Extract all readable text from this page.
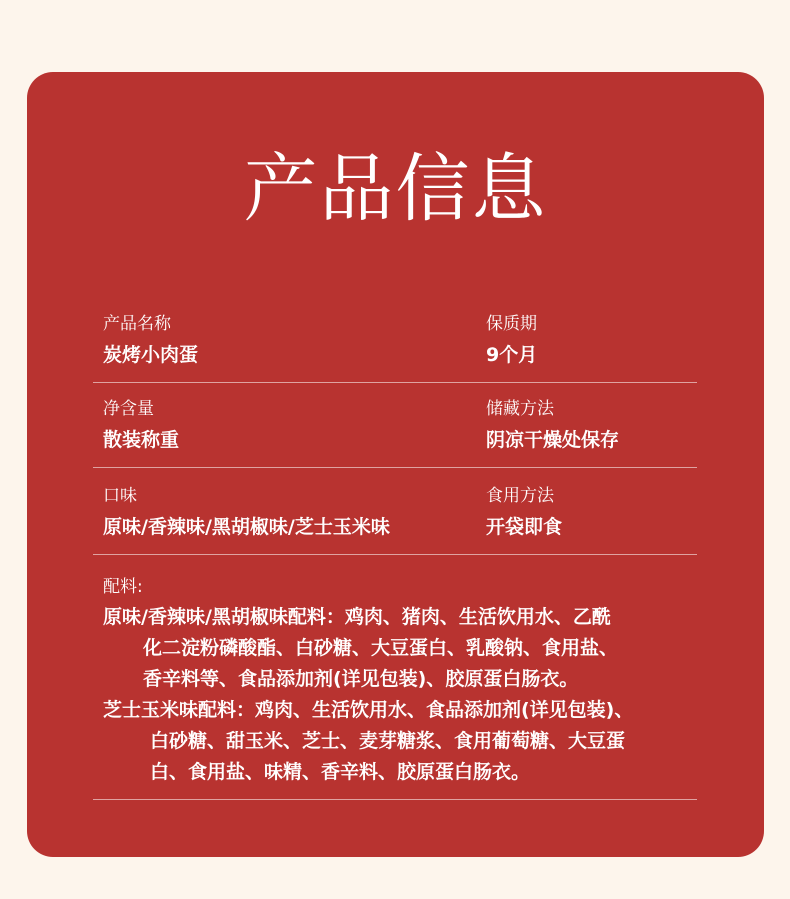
产品信息
产品名称
炭烤小肉蛋
保质期
9个月
净含量
散装称重
储藏方法
阴凉干燥处保存
口味
原味/香辣味/黑胡椒味/芝士玉米味
食用方法
开袋即食
配料:
原味/香辣味/黑胡椒味配料：鸡肉、猪肉、生活饮用水、乙酰
化二淀粉磷酸酯、白砂糖、大豆蛋白、乳酸钠、食用盐、
香辛料等、食品添加剂(详见包装)、胶原蛋白肠衣。
芝士玉米味配料：鸡肉、生活饮用水、食品添加剂(详见包装)、
白砂糖、甜玉米、芝士、麦芽糖浆、食用葡萄糖、大豆蛋
白、食用盐、味精、香辛料、胶原蛋白肠衣。
